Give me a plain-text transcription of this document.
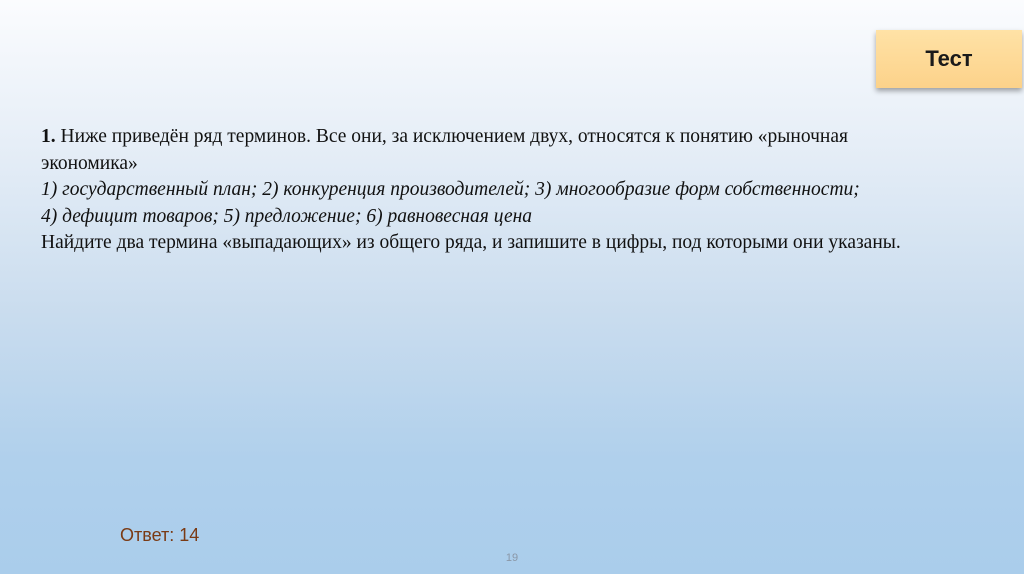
Тест
1. Ниже приведён ряд терминов. Все они, за исключением двух, относятся к понятию «рыночная
экономика»
1) государственный план; 2) конкуренция производителей; 3) многообразие форм собственности;
4) дефицит товаров; 5) предложение; 6) равновесная цена
Найдите два термина «выпадающих» из общего ряда, и запишите в цифры, под которыми они указаны.
Ответ: 14
19
